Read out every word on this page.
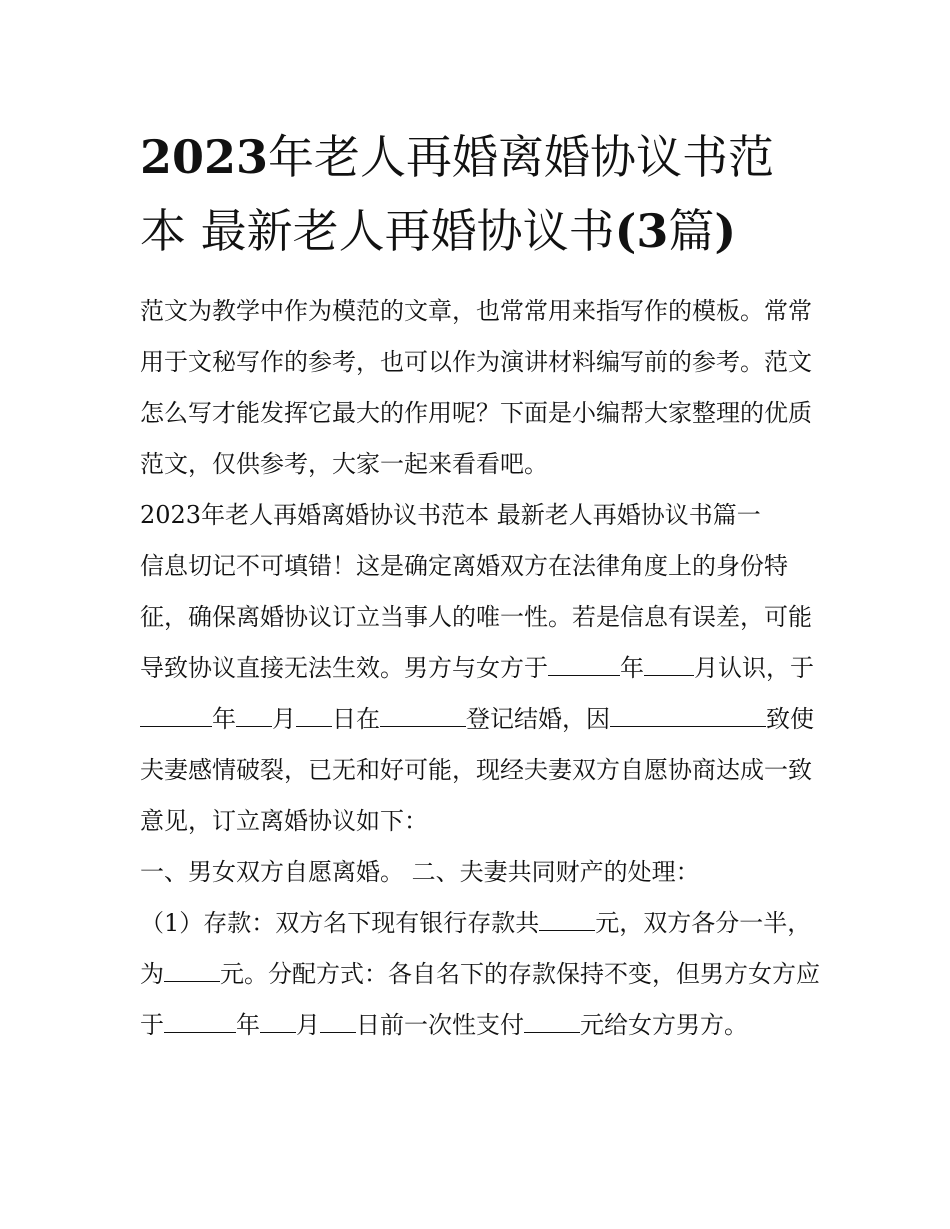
2023年老人再婚离婚协议书范本 最新老人再婚协议书(3篇)

范文为教学中作为模范的文章，也常常用来指写作的模板。常常用于文秘写作的参考，也可以作为演讲材料编写前的参考。范文怎么写才能发挥它最大的作用呢？下面是小编帮大家整理的优质范文，仅供参考，大家一起来看看吧。

2023年老人再婚离婚协议书范本 最新老人再婚协议书篇一

信息切记不可填错！这是确定离婚双方在法律角度上的身份特征，确保离婚协议订立当事人的唯一性。若是信息有误差，可能导致协议直接无法生效。男方与女方于	年 月认识，于年 月 日在	登记结婚，因	致使夫妻感情破裂，已无和好可能，现经夫妻双方自愿协商达成一致意见，订立离婚协议如下：

一、男女双方自愿离婚。 二、夫妻共同财产的处理：

（1）存款：双方名下现有银行存款共 元，双方各分一半，为 元。分配方式：各自名下的存款保持不变，但男方女方应于	年 月 日前一次性支付 元给女方男方。
